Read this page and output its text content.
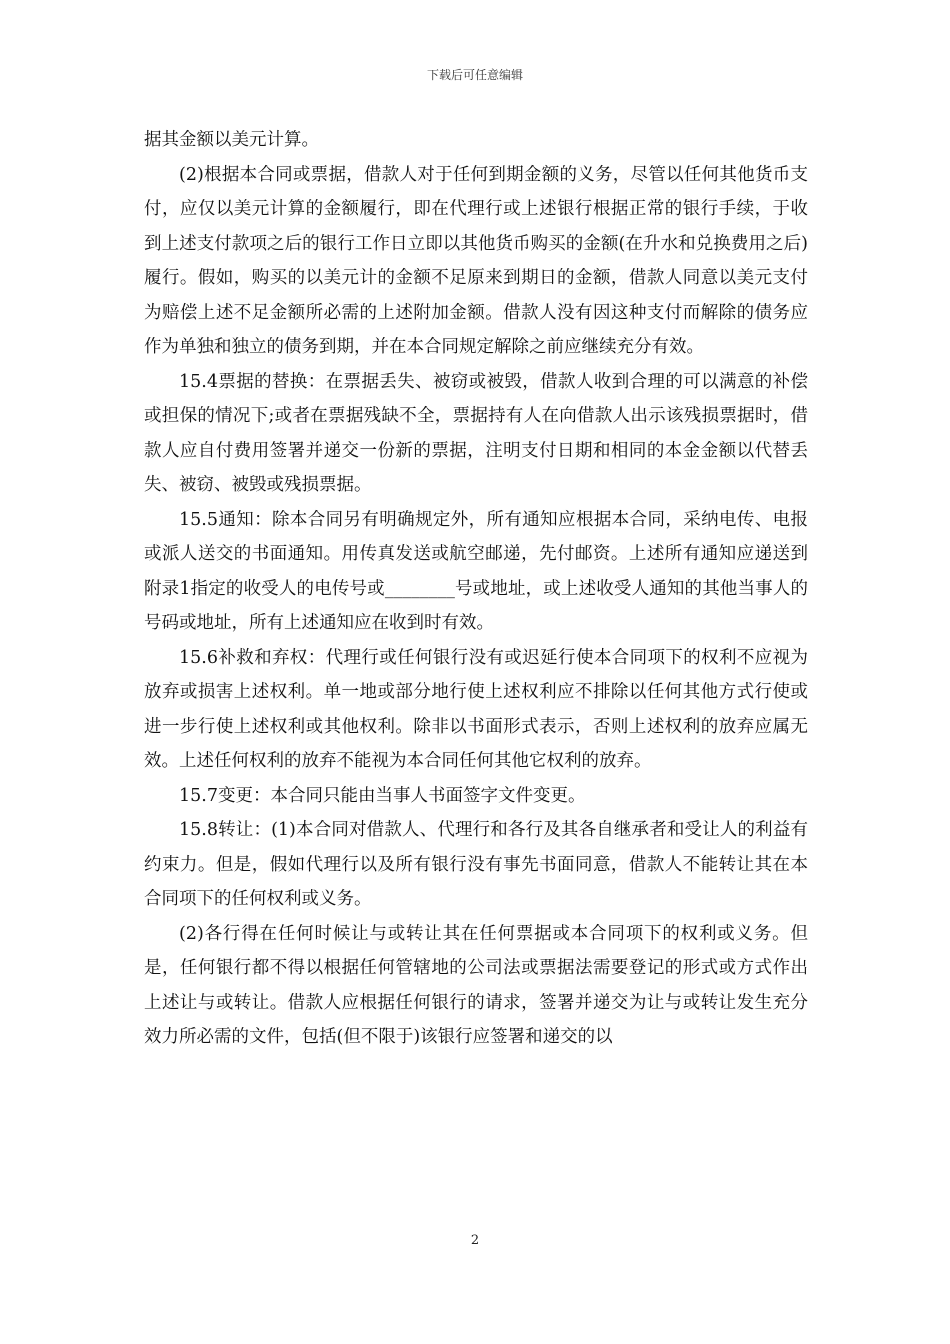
下载后可任意编辑

据其金额以美元计算。

(2)根据本合同或票据，借款人对于任何到期金额的义务，尽管以任何其他货币支付，应仅以美元计算的金额履行，即在代理行或上述银行根据正常的银行手续，于收到上述支付款项之后的银行工作日立即以其他货币购买的金额(在升水和兑换费用之后)履行。假如，购买的以美元计的金额不足原来到期日的金额，借款人同意以美元支付为赔偿上述不足金额所必需的上述附加金额。借款人没有因这种支付而解除的债务应作为单独和独立的债务到期，并在本合同规定解除之前应继续充分有效。

15.4票据的替换：在票据丢失、被窃或被毁，借款人收到合理的可以满意的补偿或担保的情况下;或者在票据残缺不全，票据持有人在向借款人出示该残损票据时，借款人应自付费用签署并递交一份新的票据，注明支付日期和相同的本金金额以代替丢失、被窃、被毁或残损票据。

15.5通知：除本合同另有明确规定外，所有通知应根据本合同，采纳电传、电报或派人送交的书面通知。用传真发送或航空邮递，先付邮资。上述所有通知应递送到附录1指定的收受人的电传号或________号或地址，或上述收受人通知的其他当事人的号码或地址，所有上述通知应在收到时有效。

15.6补救和弃权：代理行或任何银行没有或迟延行使本合同项下的权利不应视为放弃或损害上述权利。单一地或部分地行使上述权利应不排除以任何其他方式行使或进一步行使上述权利或其他权利。除非以书面形式表示，否则上述权利的放弃应属无效。上述任何权利的放弃不能视为本合同任何其他它权利的放弃。

15.7变更：本合同只能由当事人书面签字文件变更。

15.8转让：(1)本合同对借款人、代理行和各行及其各自继承者和受让人的利益有约束力。但是，假如代理行以及所有银行没有事先书面同意，借款人不能转让其在本合同项下的任何权利或义务。

(2)各行得在任何时候让与或转让其在任何票据或本合同项下的权利或义务。但是，任何银行都不得以根据任何管辖地的公司法或票据法需要登记的形式或方式作出上述让与或转让。借款人应根据任何银行的请求，签署并递交为让与或转让发生充分效力所必需的文件，包括(但不限于)该银行应签署和递交的以

2
